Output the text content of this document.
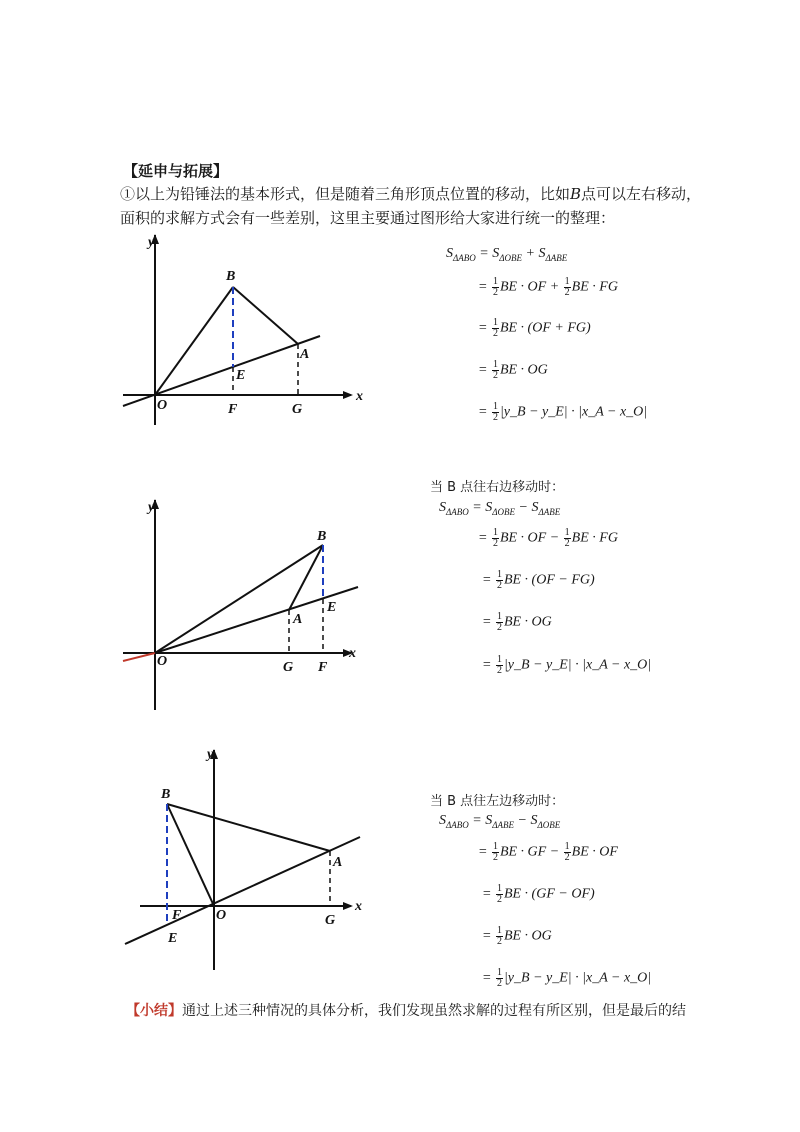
【延申与拓展】
①以上为铅锤法的基本形式，但是随着三角形顶点位置的移动，比如B点可以左右移动，
面积的求解方式会有一些差别，这里主要通过图形给大家进行统一的整理：
y
x
O
B
A
E
F	G
$S_{\Delta ABO} = S_{\Delta OBE} + S_{\Delta ABE}$
= $\frac{1}{2}$ BE · OF + $\frac{1}{2}$ BE · FG
= $\frac{1}{2}$ BE · (OF + FG)
= $\frac{1}{2}$ BE · OG
= $\frac{1}{2}$ |y_B − y_E| · |x_A − x_O|
y
x
O
B
A
E
F
G
当 B 点往右边移动时：
$S_{\Delta ABO} = S_{\Delta OBE} - S_{\Delta ABE}$
= $\frac{1}{2}$ BE · OF − $\frac{1}{2}$ BE · FG
= $\frac{1}{2}$ BE · (OF − FG)
= $\frac{1}{2}$ BE · OG
= $\frac{1}{2}$ |y_B − y_E| · |x_A − x_O|
y
x
O
B
A
E
F	G
当 B 点往左边移动时：
$S_{\Delta ABO} = S_{\Delta ABE} - S_{\Delta OBE}$
= $\frac{1}{2}$ BE · GF − $\frac{1}{2}$ BE · OF
= $\frac{1}{2}$ BE · (GF − OF)
= $\frac{1}{2}$ BE · OG
= $\frac{1}{2}$ |y_B − y_E| · |x_A − x_O|
【小结】通过上述三种情况的具体分析，我们发现虽然求解的过程有所区别，但是最后的结
